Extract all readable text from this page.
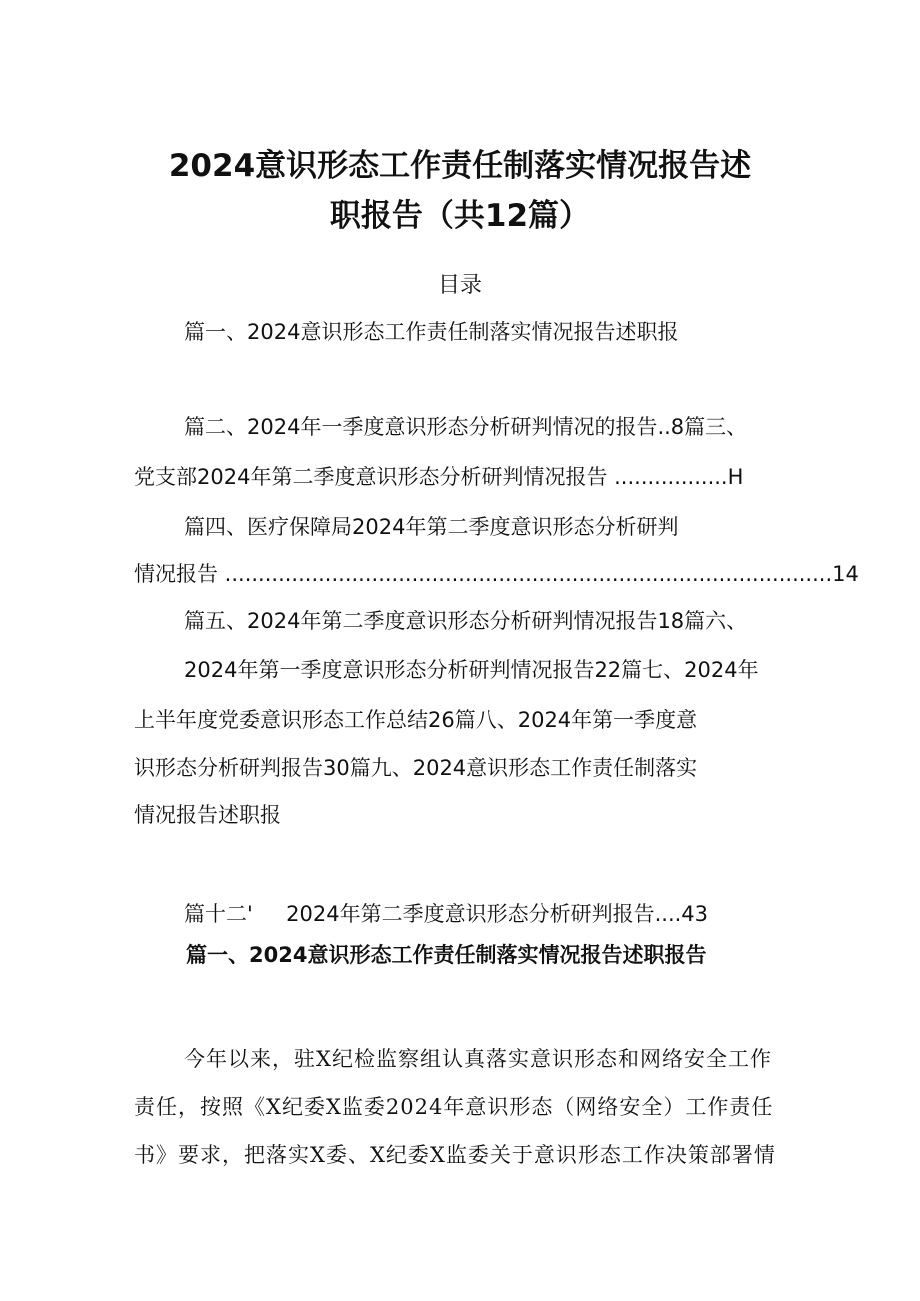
2024意识形态工作责任制落实情况报告述
职报告（共12篇）
目录
篇一、2024意识形态工作责任制落实情况报告述职报
篇二、2024年一季度意识形态分析研判情况的报告..8篇三、
党支部2024年第二季度意识形态分析研判情况报告 .................H
篇四、医疗保障局2024年第二季度意识形态分析研判
情况报告 ...........................................................................................14
篇五、2024年第二季度意识形态分析研判情况报告18篇六、
2024年第一季度意识形态分析研判情况报告22篇七、2024年
上半年度党委意识形态工作总结26篇八、2024年第一季度意
识形态分析研判报告30篇九、2024意识形态工作责任制落实
情况报告述职报
篇十二'     2024年第二季度意识形态分析研判报告....43
篇一、2024意识形态工作责任制落实情况报告述职报告
今年以来，驻X纪检监察组认真落实意识形态和网络安全工作
责任，按照《X纪委X监委2024年意识形态（网络安全）工作责任
书》要求，把落实X委、X纪委X监委关于意识形态工作决策部署情
